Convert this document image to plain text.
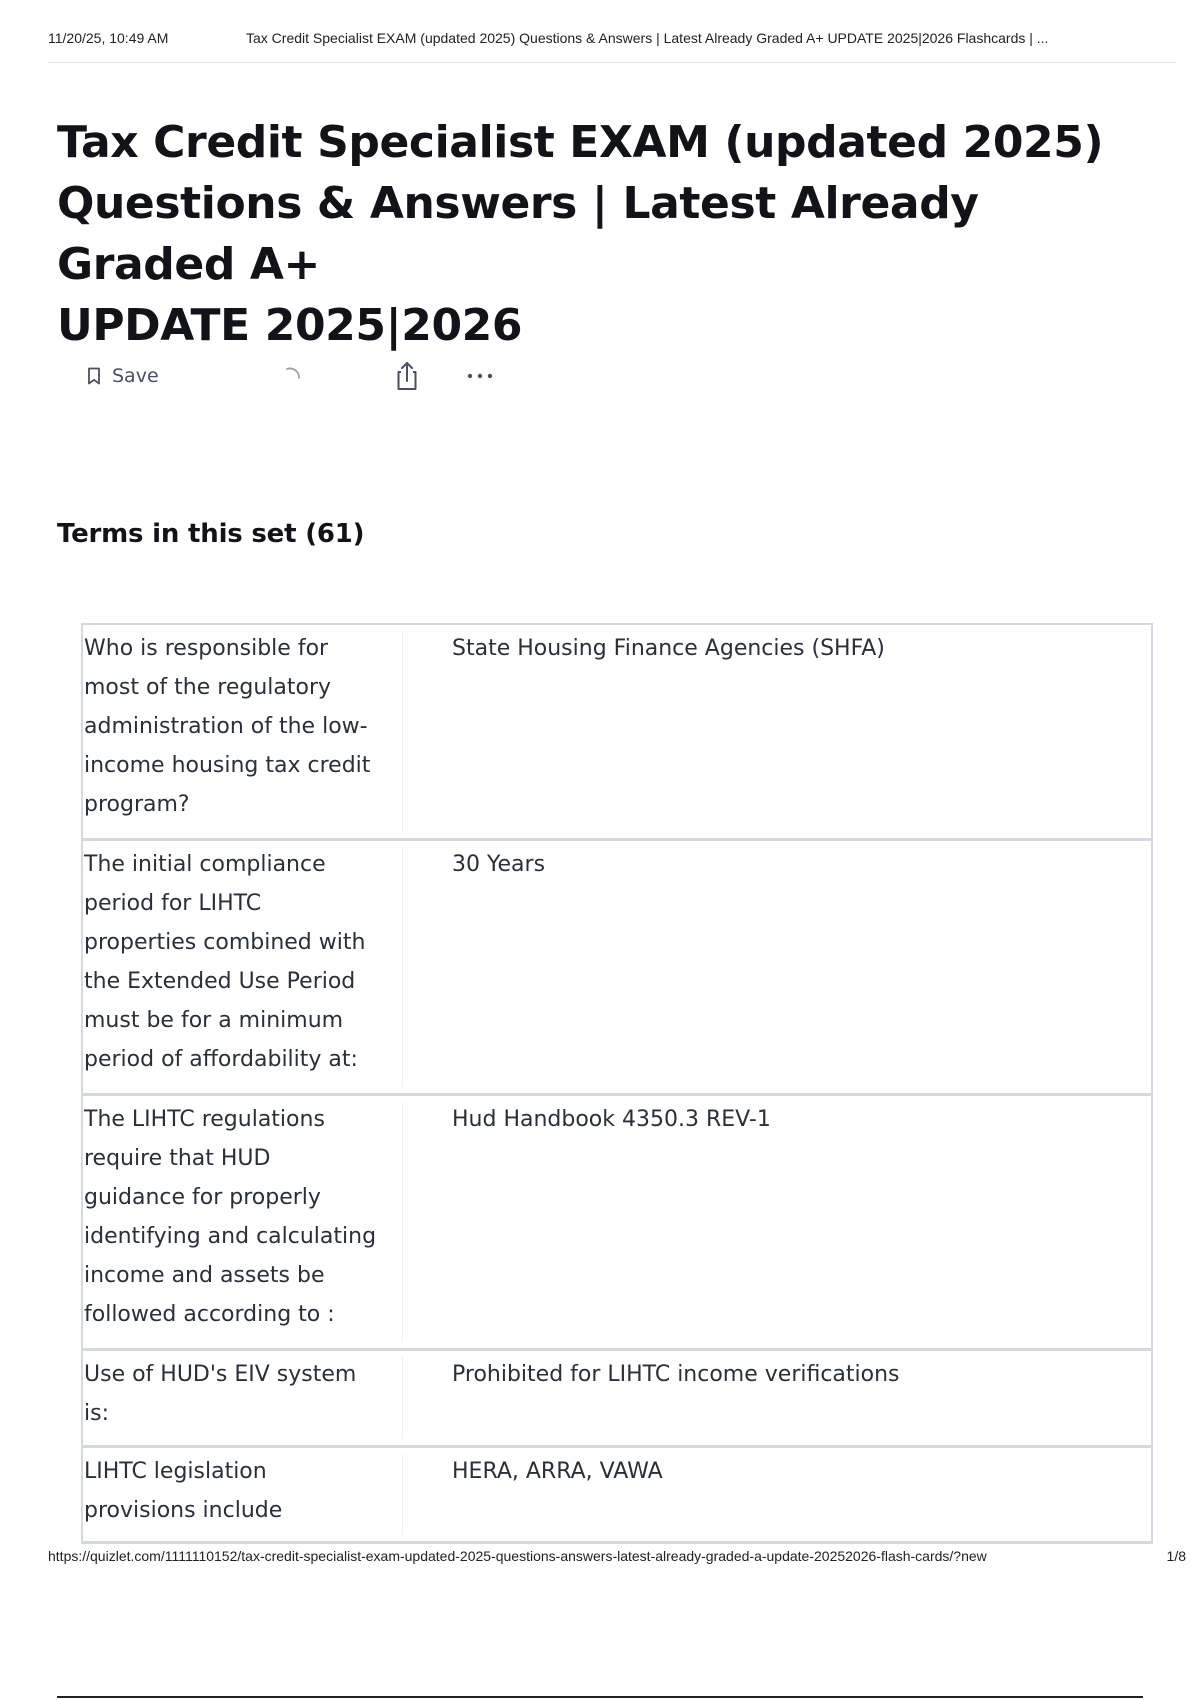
11/20/25, 10:49 AM	Tax Credit Specialist EXAM (updated 2025) Questions & Answers | Latest Already Graded A+ UPDATE 2025|2026 Flashcards | ...
Tax Credit Specialist EXAM (updated 2025)
Questions & Answers | Latest Already Graded A+
UPDATE 2025|2026
Save
Terms in this set (61)
Who is responsible for
most of the regulatory
administration of the low-
income housing tax credit
program?
State Housing Finance Agencies (SHFA)
The initial compliance
period for LIHTC
properties combined with
the Extended Use Period
must be for a minimum
period of affordability at:
30 Years
The LIHTC regulations
require that HUD
guidance for properly
identifying and calculating
income and assets be
followed according to :
Hud Handbook 4350.3 REV-1
Use of HUD's EIV system
is:
Prohibited for LIHTC income verifications
LIHTC legislation
provisions include
HERA, ARRA, VAWA
https://quizlet.com/1111110152/tax-credit-specialist-exam-updated-2025-questions-answers-latest-already-graded-a-update-20252026-flash-cards/?new	1/8
